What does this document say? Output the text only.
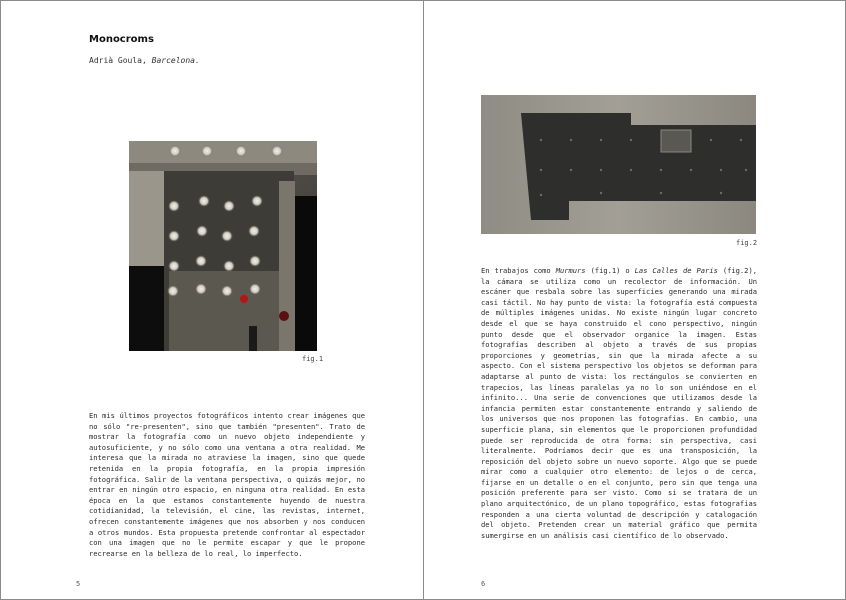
Monocroms
Adrià Goula, Barcelona.
fig.1

En mis últimos proyectos fotográficos intento crear imágenes que no sólo "re-presenten", sino que también "presenten". Trato de mostrar la fotografía como un nuevo objeto independiente y autosuficiente, y no sólo como una ventana a otra realidad. Me interesa que la mirada no atraviese la imagen, sino que quede retenida en la propia fotografía, en la propia impresión fotográfica. Salir de la ventana perspectiva, o quizás mejor, no entrar en ningún otro espacio, en ninguna otra realidad. En esta época en la que estamos constantemente huyendo de nuestra cotidianidad, la televisión, el cine, las revistas, internet, ofrecen constantemente imágenes que nos absorben y nos conducen a otros mundos. Esta propuesta pretende confrontar al espectador con una imagen que no le permite escapar y que le propone recrearse en la belleza de lo real, lo imperfecto.

5
fig.2

En trabajos como Murmurs (fig.1) o Las Calles de Paris (fig.2), la cámara se utiliza como un recolector de información. Un escáner que resbala sobre las superficies generando una mirada casi táctil. No hay punto de vista: la fotografía está compuesta de múltiples imágenes unidas. No existe ningún lugar concreto desde el que se haya construido el cono perspectivo, ningún punto desde que el observador organice la imagen. Estas fotografías describen al objeto a través de sus propias proporciones y geometrías, sin que la mirada afecte a su aspecto. Con el sistema perspectivo los objetos se deforman para adaptarse al punto de vista: los rectángulos se convierten en trapecios, las líneas paralelas ya no lo son uniéndose en el infinito... Una serie de convenciones que utilizamos desde la infancia permiten estar constantemente entrando y saliendo de los universos que nos proponen las fotografías. En cambio, una superficie plana, sin elementos que le proporcionen profundidad puede ser reproducida de otra forma: sin perspectiva, casi literalmente. Podríamos decir que es una transposición, la reposición del objeto sobre un nuevo soporte. Algo que se puede mirar como a cualquier otro elemento: de lejos o de cerca, fijarse en un detalle o en el conjunto, pero sin que tenga una posición preferente para ser visto. Como si se tratara de un plano arquitectónico, de un plano topográfico, estas fotografías responden a una cierta voluntad de descripción y catalogación del objeto. Pretenden crear un material gráfico que permita sumergirse en un análisis casi científico de lo observado.

6
